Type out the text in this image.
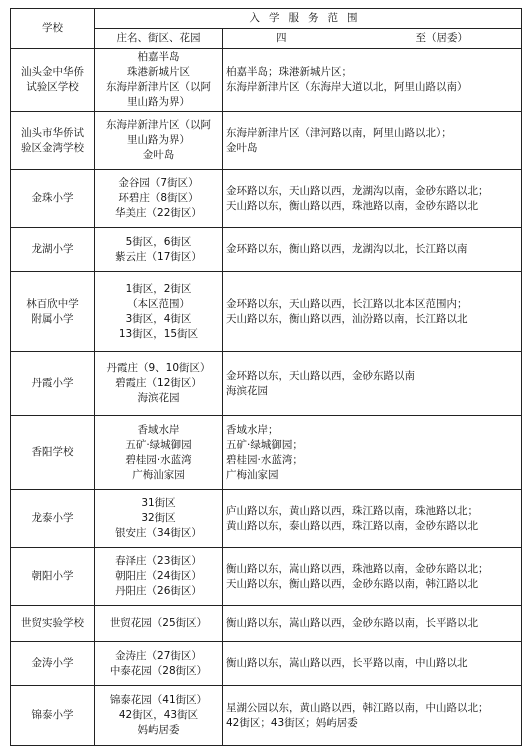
学校	入学服务范围	
	庄名、街区、花园	四 至（居委）

汕头金中华侨
试验区学校	柏嘉半岛
珠港新城片区
东海岸新津片区（以阿
里山路为界）	柏嘉半岛；珠港新城片区；
东海岸新津片区（东海岸大道以北，阿里山路以南）

汕头市华侨试
验区金湾学校	东海岸新津片区（以阿
里山路为界）
金叶岛	东海岸新津片区（津河路以南，阿里山路以北）；
金叶岛

金珠小学	金谷园（7街区）
环碧庄（8街区）
华美庄（22街区）	金环路以东，天山路以西，龙湖沟以南，金砂东路以北；
天山路以东，衡山路以西，珠池路以南，金砂东路以北

龙湖小学	5街区，6街区
紫云庄（17街区）	金环路以东，衡山路以西，龙湖沟以北，长江路以南

林百欣中学
附属小学	1街区，2街区
（本区范围）
3街区，4街区
13街区，15街区	金环路以东，天山路以西，长江路以北本区范围内；
天山路以东，衡山路以西，汕汾路以南，长江路以北

丹霞小学	丹霞庄（9、10街区）
碧霞庄（12街区）
海滨花园	金环路以东，天山路以西，金砂东路以南
海滨花园

香阳学校	香域水岸
五矿·绿城御园
碧桂园·水蓝湾
广梅汕家园	香域水岸；
五矿·绿城御园；
碧桂园·水蓝湾；
广梅汕家园

龙泰小学	31街区
32街区
银安庄（34街区）	庐山路以东，黄山路以西，珠江路以南，珠池路以北；
黄山路以东，泰山路以西，珠江路以南，金砂东路以北

朝阳小学	春泽庄（23街区）
朝阳庄（24街区）
丹阳庄（26街区）	衡山路以东，嵩山路以西，珠池路以南，金砂东路以北；
天山路以东，衡山路以西，金砂东路以南，韩江路以北

世贸实验学校	世贸花园（25街区）	衡山路以东，嵩山路以西，金砂东路以南，长平路以北

金涛小学	金涛庄（27街区）
中泰花园（28街区）	衡山路以东，嵩山路以西，长平路以南，中山路以北

锦泰小学	锦泰花园（41街区）
42街区，43街区
妈屿居委	星湖公园以东，黄山路以西，韩江路以南，中山路以北；
42街区；43街区；妈屿居委
